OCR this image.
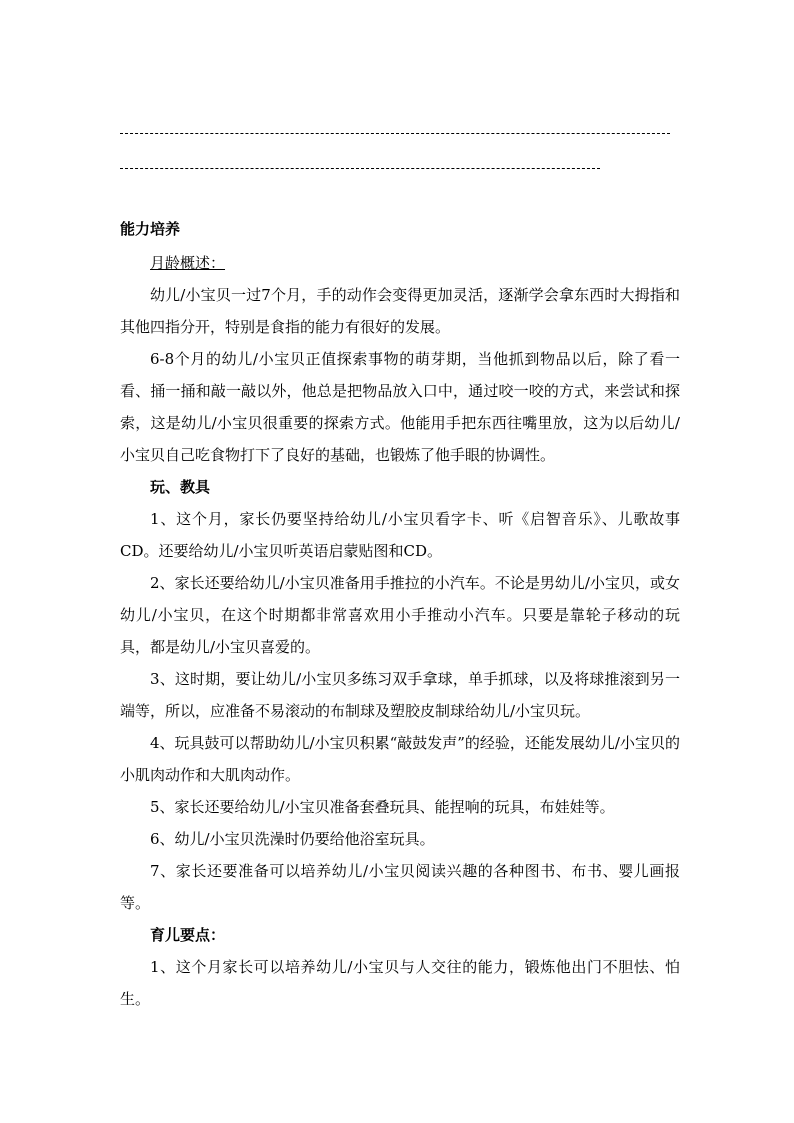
能力培养

月龄概述：

幼儿/小宝贝一过7个月，手的动作会变得更加灵活，逐渐学会拿东西时大拇指和其他四指分开，特别是食指的能力有很好的发展。

6-8个月的幼儿/小宝贝正值探索事物的萌芽期，当他抓到物品以后，除了看一看、捅一捅和敲一敲以外，他总是把物品放入口中，通过咬一咬的方式，来尝试和探索，这是幼儿/小宝贝很重要的探索方式。他能用手把东西往嘴里放，这为以后幼儿/小宝贝自己吃食物打下了良好的基础，也锻炼了他手眼的协调性。

玩、教具

1、这个月，家长仍要坚持给幼儿/小宝贝看字卡、听《启智音乐》、儿歌故事CD。还要给幼儿/小宝贝听英语启蒙贴图和CD。

2、家长还要给幼儿/小宝贝准备用手推拉的小汽车。不论是男幼儿/小宝贝，或女幼儿/小宝贝，在这个时期都非常喜欢用小手推动小汽车。只要是靠轮子移动的玩具，都是幼儿/小宝贝喜爱的。

3、这时期，要让幼儿/小宝贝多练习双手拿球，单手抓球，以及将球推滚到另一端等，所以，应准备不易滚动的布制球及塑胶皮制球给幼儿/小宝贝玩。

4、玩具鼓可以帮助幼儿/小宝贝积累“敲鼓发声”的经验，还能发展幼儿/小宝贝的小肌肉动作和大肌肉动作。

5、家长还要给幼儿/小宝贝准备套叠玩具、能捏响的玩具，布娃娃等。

6、幼儿/小宝贝洗澡时仍要给他浴室玩具。

7、家长还要准备可以培养幼儿/小宝贝阅读兴趣的各种图书、布书、婴儿画报等。

育儿要点：

1、这个月家长可以培养幼儿/小宝贝与人交往的能力，锻炼他出门不胆怯、怕生。
